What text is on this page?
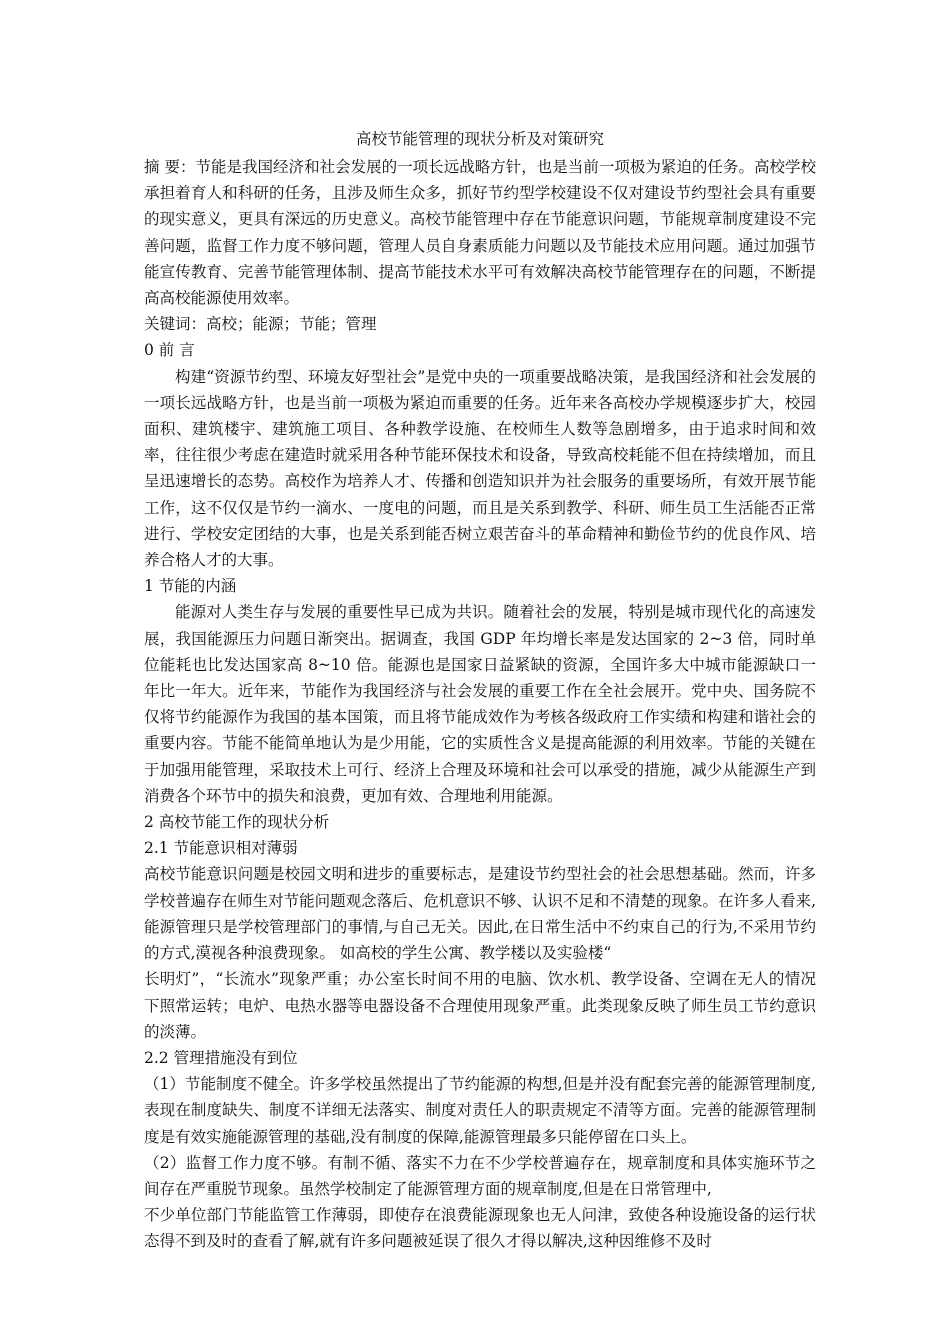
高校节能管理的现状分析及对策研究

摘 要：节能是我国经济和社会发展的一项长远战略方针，也是当前一项极为紧迫的任务。高校学校承担着育人和科研的任务，且涉及师生众多，抓好节约型学校建设不仅对建设节约型社会具有重要的现实意义，更具有深远的历史意义。高校节能管理中存在节能意识问题，节能规章制度建设不完善问题，监督工作力度不够问题，管理人员自身素质能力问题以及节能技术应用问题。通过加强节能宣传教育、完善节能管理体制、提高节能技术水平可有效解决高校节能管理存在的问题，不断提高高校能源使用效率。

关键词：高校；能源；节能；管理

0 前 言

构建“资源节约型、环境友好型社会”是党中央的一项重要战略决策，是我国经济和社会发展的一项长远战略方针，也是当前一项极为紧迫而重要的任务。近年来各高校办学规模逐步扩大，校园面积、建筑楼宇、建筑施工项目、各种教学设施、在校师生人数等急剧增多，由于追求时间和效率，往往很少考虑在建造时就采用各种节能环保技术和设备，导致高校耗能不但在持续增加，而且呈迅速增长的态势。高校作为培养人才、传播和创造知识并为社会服务的重要场所，有效开展节能工作，这不仅仅是节约一滴水、一度电的问题，而且是关系到教学、科研、师生员工生活能否正常进行、学校安定团结的大事，也是关系到能否树立艰苦奋斗的革命精神和勤俭节约的优良作风、培养合格人才的大事。

1 节能的内涵

能源对人类生存与发展的重要性早已成为共识。随着社会的发展，特别是城市现代化的高速发展，我国能源压力问题日渐突出。据调查，我国 GDP 年均增长率是发达国家的 2~3 倍，同时单位能耗也比发达国家高 8~10 倍。能源也是国家日益紧缺的资源，全国许多大中城市能源缺口一年比一年大。近年来，节能作为我国经济与社会发展的重要工作在全社会展开。党中央、国务院不仅将节约能源作为我国的基本国策，而且将节能成效作为考核各级政府工作实绩和构建和谐社会的重要内容。节能不能简单地认为是少用能，它的实质性含义是提高能源的利用效率。节能的关键在于加强用能管理，采取技术上可行、经济上合理及环境和社会可以承受的措施，减少从能源生产到消费各个环节中的损失和浪费，更加有效、合理地利用能源。

2 高校节能工作的现状分析

2.1 节能意识相对薄弱

高校节能意识问题是校园文明和进步的重要标志，是建设节约型社会的社会思想基础。然而，许多学校普遍存在师生对节能问题观念落后、危机意识不够、认识不足和不清楚的现象。在许多人看来,能源管理只是学校管理部门的事情,与自己无关。因此,在日常生活中不约束自己的行为,不采用节约的方式,漠视各种浪费现象。 如高校的学生公寓、教学楼以及实验楼“

长明灯”，“长流水”现象严重；办公室长时间不用的电脑、饮水机、教学设备、空调在无人的情况下照常运转；电炉、电热水器等电器设备不合理使用现象严重。此类现象反映了师生员工节约意识的淡薄。

2.2 管理措施没有到位

（1）节能制度不健全。许多学校虽然提出了节约能源的构想,但是并没有配套完善的能源管理制度,表现在制度缺失、制度不详细无法落实、制度对责任人的职责规定不清等方面。完善的能源管理制度是有效实施能源管理的基础,没有制度的保障,能源管理最多只能停留在口头上。

（2）监督工作力度不够。有制不循、落实不力在不少学校普遍存在，规章制度和具体实施环节之间存在严重脱节现象。虽然学校制定了能源管理方面的规章制度,但是在日常管理中,

不少单位部门节能监管工作薄弱，即使存在浪费能源现象也无人问津，致使各种设施设备的运行状态得不到及时的查看了解,就有许多问题被延误了很久才得以解决,这种因维修不及时
